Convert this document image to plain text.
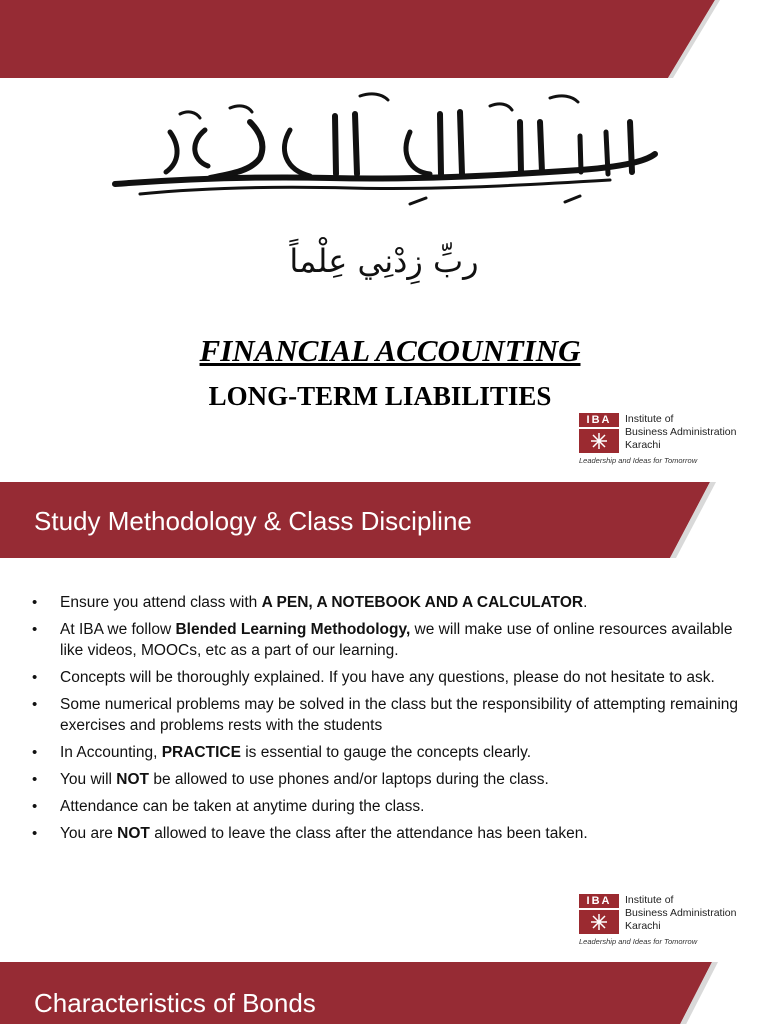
ربِّ زِدْنِي عِلْماً
FINANCIAL ACCOUNTING
LONG-TERM LIABILITIES
IBA	Institute of
Business Administration
Karachi
Leadership and Ideas for Tomorrow
Study Methodology & Class Discipline
• Ensure you attend class with A PEN, A NOTEBOOK AND A CALCULATOR.
• At IBA we follow Blended Learning Methodology, we will make use of online resources available like videos, MOOCs, etc as a part of our learning.
• Concepts will be thoroughly explained. If you have any questions, please do not hesitate to ask.
• Some numerical problems may be solved in the class but the responsibility of attempting remaining exercises and problems rests with the students
• In Accounting, PRACTICE is essential to gauge the concepts clearly.
• You will NOT be allowed to use phones and/or laptops during the class.
• Attendance can be taken at anytime during the class.
• You are NOT allowed to leave the class after the attendance has been taken.
IBA	Institute of
Business Administration
Karachi
Leadership and Ideas for Tomorrow
Characteristics of Bonds
